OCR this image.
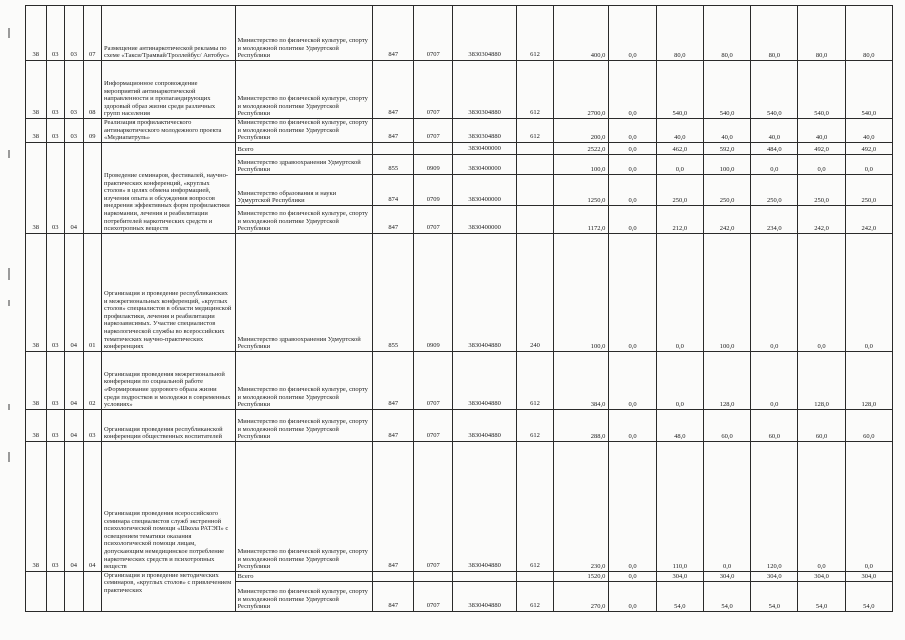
38	03	03	07	Размещение антинаркотической рекламы по схеме «Такси/Трамвай/Троллейбус/ Автобус»	Министерство по физической культуре, спорту и молодежной политике Удмуртской Республики	847	0707	3830304880	612	400,0	0,0	80,0	80,0	80,0	80,0	80,0
38	03	03	08	Информационное сопровождение мероприятий антинаркотической направленности и пропагандирующих здоровый образ жизни среди различных групп населения	Министерство по физической культуре, спорту и молодежной политике Удмуртской Республики	847	0707	3830304880	612	2700,0	0,0	540,0	540,0	540,0	540,0	540,0
38	03	03	09	Реализация профилактического антинаркотического молодежного проекта «Медиапатруль»	Министерство по физической культуре, спорту и молодежной политике Удмуртской Республики	847	0707	3830304880	612	200,0	0,0	40,0	40,0	40,0	40,0	40,0
38	03	04		Проведение семинаров, фестивалей, научно-практических конференций, «круглых столов» в целях обмена информацией, изучения опыта и обсуждения вопросов внедрения эффективных форм профилактики наркомании, лечения и реабилитации потребителей наркотических средств и психотропных веществ	Всего			3830400000		2522,0	0,0	462,0	592,0	484,0	492,0	492,0
					Министерство здравоохранения Удмуртской Республики	855	0909	3830400000		100,0	0,0	0,0	100,0	0,0	0,0	0,0
					Министерство образования и науки Удмуртской Республики	874	0709	3830400000		1250,0	0,0	250,0	250,0	250,0	250,0	250,0
					Министерство по физической культуре, спорту и молодежной политике Удмуртской Республики	847	0707	3830400000		1172,0	0,0	212,0	242,0	234,0	242,0	242,0
38	03	04	01	Организация и проведение республиканских и межрегиональных конференций, «круглых столов» специалистов в области медицинской профилактики, лечения и реабилитации наркозависимых. Участие специалистов наркологической службы во всероссийских тематических научно-практических конференциях	Министерство здравоохранения Удмуртской Республики	855	0909	3830404880	240	100,0	0,0	0,0	100,0	0,0	0,0	0,0
38	03	04	02	Организация проведения межрегиональной конференции по социальной работе «Формирование здорового образа жизни среди подростков и молодежи в современных условиях»	Министерство по физической культуре, спорту и молодежной политике Удмуртской Республики	847	0707	3830404880	612	384,0	0,0	0,0	128,0	0,0	128,0	128,0
38	03	04	03	Организация проведения республиканской конференции общественных воспитателей	Министерство по физической культуре, спорту и молодежной политике Удмуртской Республики	847	0707	3830404880	612	288,0	0,0	48,0	60,0	60,0	60,0	60,0
38	03	04	04	Организация проведения всероссийского семинара специалистов служб экстренной психологической помощи «Школа РАТЭП» с освещением тематики оказания психологической помощи лицам, допускающим немедицинское потребление наркотических средств и психотропных веществ	Министерство по физической культуре, спорту и молодежной политике Удмуртской Республики	847	0707	3830404880	612	230,0	0,0	110,0	0,0	120,0	0,0	0,0
				Организация и проведение методических семинаров, «круглых столов» с привлечением практических	Всего					1520,0	0,0	304,0	304,0	304,0	304,0	304,0
					Министерство по физической культуре, спорту и молодежной политике Удмуртской Республики	847	0707	3830404880	612	270,0	0,0	54,0	54,0	54,0	54,0	54,0
